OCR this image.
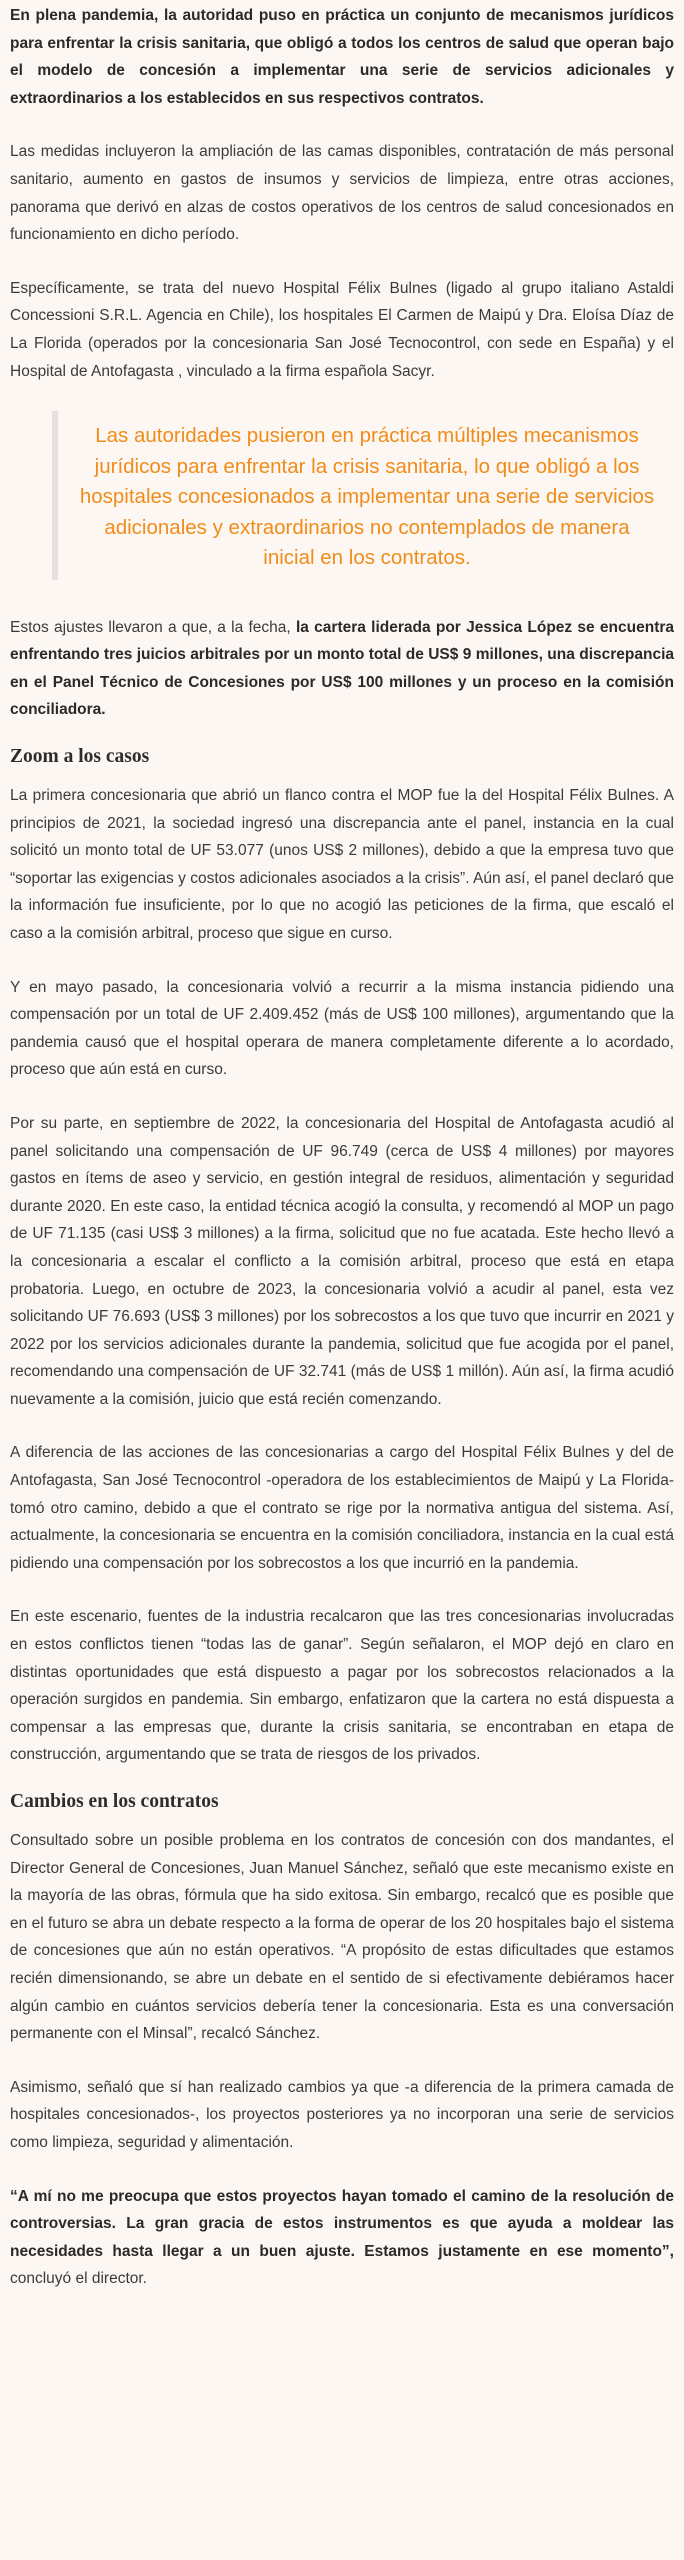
En plena pandemia, la autoridad puso en práctica un conjunto de mecanismos jurídicos para enfrentar la crisis sanitaria, que obligó a todos los centros de salud que operan bajo el modelo de concesión a implementar una serie de servicios adicionales y extraordinarios a los establecidos en sus respectivos contratos.

Las medidas incluyeron la ampliación de las camas disponibles, contratación de más personal sanitario, aumento en gastos de insumos y servicios de limpieza, entre otras acciones, panorama que derivó en alzas de costos operativos de los centros de salud concesionados en funcionamiento en dicho período.

Específicamente, se trata del nuevo Hospital Félix Bulnes (ligado al grupo italiano Astaldi Concessioni S.R.L. Agencia en Chile), los hospitales El Carmen de Maipú y Dra. Eloísa Díaz de La Florida (operados por la concesionaria San José Tecnocontrol, con sede en España) y el Hospital de Antofagasta , vinculado a la firma española Sacyr.

Las autoridades pusieron en práctica múltiples mecanismos jurídicos para enfrentar la crisis sanitaria, lo que obligó a los hospitales concesionados a implementar una serie de servicios adicionales y extraordinarios no contemplados de manera inicial en los contratos.

Estos ajustes llevaron a que, a la fecha, la cartera liderada por Jessica López se encuentra enfrentando tres juicios arbitrales por un monto total de US$ 9 millones, una discrepancia en el Panel Técnico de Concesiones por US$ 100 millones y un proceso en la comisión conciliadora.

Zoom a los casos

La primera concesionaria que abrió un flanco contra el MOP fue la del Hospital Félix Bulnes. A principios de 2021, la sociedad ingresó una discrepancia ante el panel, instancia en la cual solicitó un monto total de UF 53.077 (unos US$ 2 millones), debido a que la empresa tuvo que “soportar las exigencias y costos adicionales asociados a la crisis”. Aún así, el panel declaró que la información fue insuficiente, por lo que no acogió las peticiones de la firma, que escaló el caso a la comisión arbitral, proceso que sigue en curso.

Y en mayo pasado, la concesionaria volvió a recurrir a la misma instancia pidiendo una compensación por un total de UF 2.409.452 (más de US$ 100 millones), argumentando que la pandemia causó que el hospital operara de manera completamente diferente a lo acordado, proceso que aún está en curso.

Por su parte, en septiembre de 2022, la concesionaria del Hospital de Antofagasta acudió al panel solicitando una compensación de UF 96.749 (cerca de US$ 4 millones) por mayores gastos en ítems de aseo y servicio, en gestión integral de residuos, alimentación y seguridad durante 2020. En este caso, la entidad técnica acogió la consulta, y recomendó al MOP un pago de UF 71.135 (casi US$ 3 millones) a la firma, solicitud que no fue acatada. Este hecho llevó a la concesionaria a escalar el conflicto a la comisión arbitral, proceso que está en etapa probatoria. Luego, en octubre de 2023, la concesionaria volvió a acudir al panel, esta vez solicitando UF 76.693 (US$ 3 millones) por los sobrecostos a los que tuvo que incurrir en 2021 y 2022 por los servicios adicionales durante la pandemia, solicitud que fue acogida por el panel, recomendando una compensación de UF 32.741 (más de US$ 1 millón). Aún así, la firma acudió nuevamente a la comisión, juicio que está recién comenzando.

A diferencia de las acciones de las concesionarias a cargo del Hospital Félix Bulnes y del de Antofagasta, San José Tecnocontrol -operadora de los establecimientos de Maipú y La Florida- tomó otro camino, debido a que el contrato se rige por la normativa antigua del sistema. Así, actualmente, la concesionaria se encuentra en la comisión conciliadora, instancia en la cual está pidiendo una compensación por los sobrecostos a los que incurrió en la pandemia.

En este escenario, fuentes de la industria recalcaron que las tres concesionarias involucradas en estos conflictos tienen “todas las de ganar”. Según señalaron, el MOP dejó en claro en distintas oportunidades que está dispuesto a pagar por los sobrecostos relacionados a la operación surgidos en pandemia. Sin embargo, enfatizaron que la cartera no está dispuesta a compensar a las empresas que, durante la crisis sanitaria, se encontraban en etapa de construcción, argumentando que se trata de riesgos de los privados.

Cambios en los contratos

Consultado sobre un posible problema en los contratos de concesión con dos mandantes, el Director General de Concesiones, Juan Manuel Sánchez, señaló que este mecanismo existe en la mayoría de las obras, fórmula que ha sido exitosa. Sin embargo, recalcó que es posible que en el futuro se abra un debate respecto a la forma de operar de los 20 hospitales bajo el sistema de concesiones que aún no están operativos. “A propósito de estas dificultades que estamos recién dimensionando, se abre un debate en el sentido de si efectivamente debiéramos hacer algún cambio en cuántos servicios debería tener la concesionaria. Esta es una conversación permanente con el Minsal”, recalcó Sánchez.

Asimismo, señaló que sí han realizado cambios ya que -a diferencia de la primera camada de hospitales concesionados-, los proyectos posteriores ya no incorporan una serie de servicios como limpieza, seguridad y alimentación.

“A mí no me preocupa que estos proyectos hayan tomado el camino de la resolución de controversias. La gran gracia de estos instrumentos es que ayuda a moldear las necesidades hasta llegar a un buen ajuste. Estamos justamente en ese momento”, concluyó el director.
